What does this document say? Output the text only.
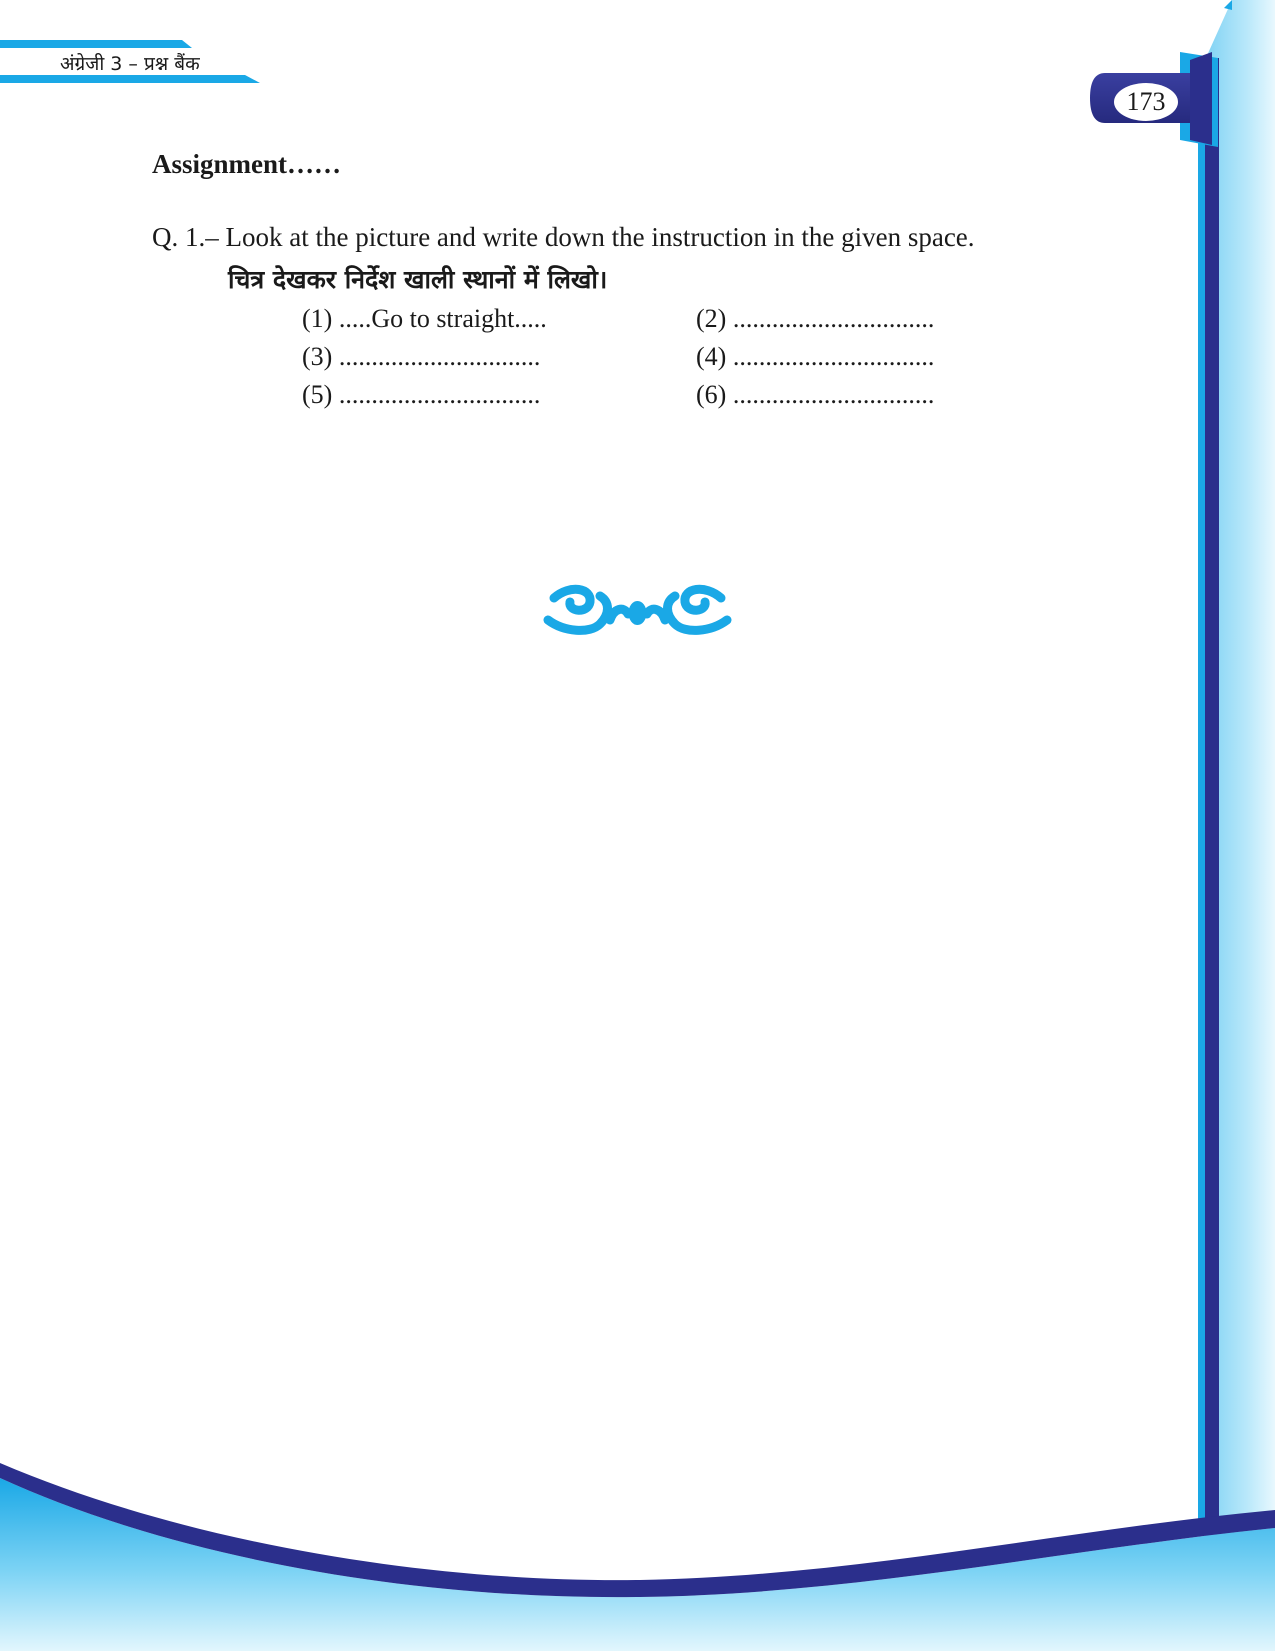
अंग्रेजी 3 – प्रश्न बैंक
173
Assignment……
Q. 1.– Look at the picture and write down the instruction in the given space.
चित्र देखकर निर्देश खाली स्थानों में लिखो।
(1) .....Go to straight.....	(2) ...............................
(3) ...............................	(4) ...............................
(5) ...............................	(6) ...............................
